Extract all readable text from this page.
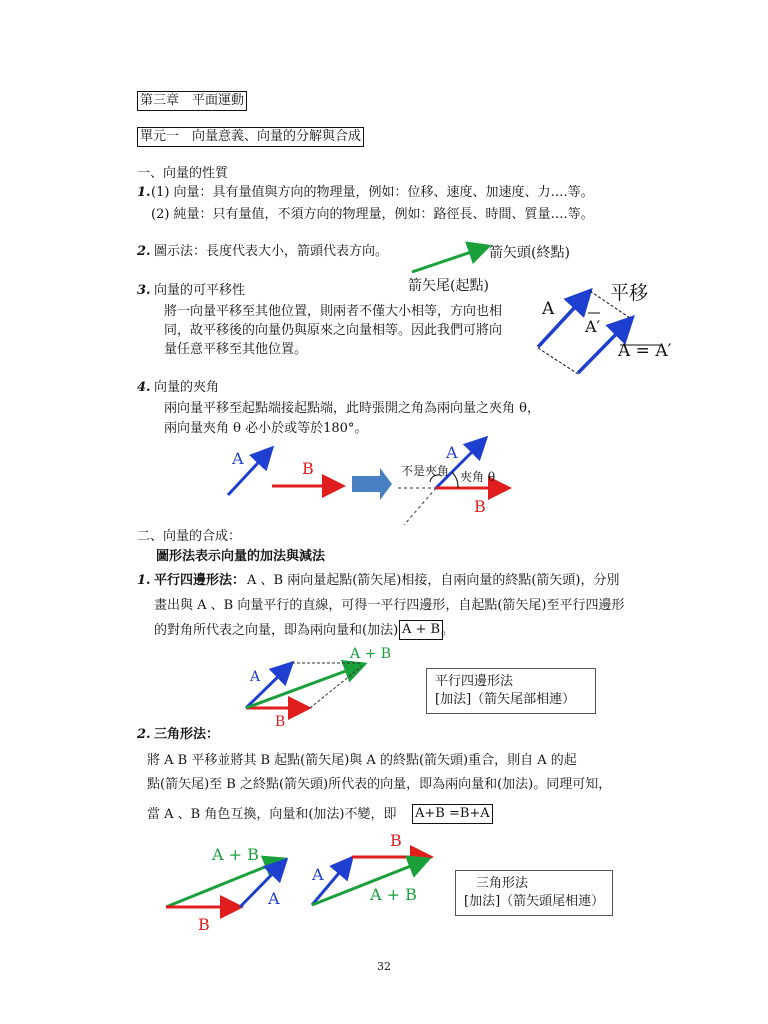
第三章　平面運動
單元一　向量意義、向量的分解與合成
一、向量的性質
1. (1) 向量：具有量值與方向的物理量，例如：位移、速度、加速度、力….等。
(2) 純量：只有量值，不須方向的物理量，例如：路徑長、時間、質量….等。
2. 圖示法：長度代表大小，箭頭代表方向。	箭矢頭(終點)
箭矢尾(起點)
3. 向量的可平移性
將一向量平移至其他位置，則兩者不僅大小相等，方向也相
同，故平移後的向量仍與原來之向量相等。因此我們可將向
量任意平移至其他位置。
平移
A
A′
A = A′
4. 向量的夾角
兩向量平移至起點端接起點端，此時張開之角為兩向量之夾角 θ，
兩向量夾角 θ 必小於或等於180°。
A
B	不是夾角 夾角 θ
A
B
二、向量的合成：
圖形法表示向量的加法與減法
1. 平行四邊形法： A 、B 兩向量起點(箭矢尾)相接，自兩向量的終點(箭矢頭)，分別
畫出與 A 、B 向量平行的直線，可得一平行四邊形，自起點(箭矢尾)至平行四邊形
的對角所代表之向量，即為兩向量和(加法) A + B 。
A
B
A + B
平行四邊形法
[加法]（箭矢尾部相連）
2. 三角形法：
將 A B 平移並將其 B 起點(箭矢尾)與 A 的終點(箭矢頭)重合，則自 A 的起
點(箭矢尾)至 B 之終點(箭矢頭)所代表的向量，即為兩向量和(加法)。同理可知，
當 A 、B 角色互換，向量和(加法)不變，即 A+B =B+A
A + B
A
B
B
A
A + B
三角形法
[加法]（箭矢頭尾相連）
32
